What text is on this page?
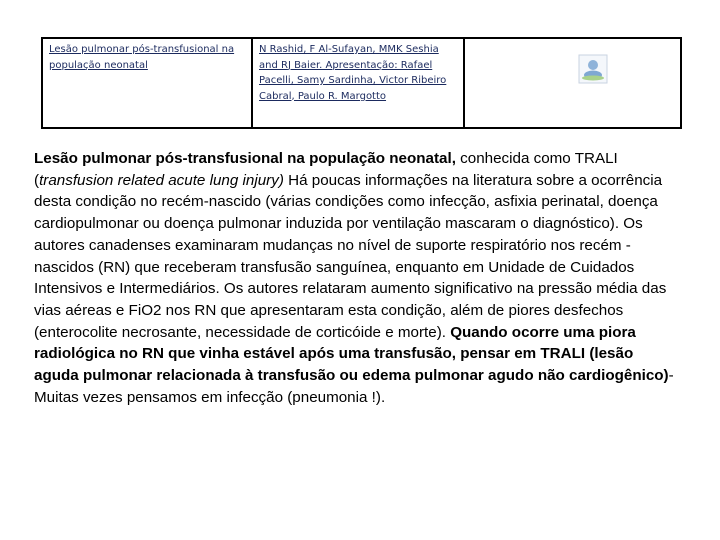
Lesão pulmonar pós-transfusional na população neonatal
N Rashid, F Al-Sufayan, MMK Seshia and RJ Baier. Apresentação: Rafael Pacelli, Samy Sardinha, Victor Ribeiro Cabral, Paulo R. Margotto

Lesão pulmonar pós-transfusional na população neonatal, conhecida como TRALI (transfusion related acute lung injury) Há poucas informações na literatura sobre a ocorrência desta condição no recém-nascido (várias condições como infecção, asfixia perinatal, doença cardiopulmonar ou doença pulmonar induzida por ventilação mascaram o diagnóstico). Os autores canadenses examinaram mudanças no nível de suporte respiratório nos recém -nascidos (RN) que receberam transfusão sanguínea, enquanto em Unidade de Cuidados Intensivos e Intermediários. Os autores relataram aumento significativo na pressão média das vias aéreas e FiO2 nos RN que apresentaram esta condição, além de piores desfechos (enterocolite necrosante, necessidade de corticóide e morte). Quando ocorre uma piora radiológica no RN que vinha estável após uma transfusão, pensar em TRALI (lesão aguda pulmonar relacionada à transfusão ou edema pulmonar agudo não cardiogênico)-Muitas vezes pensamos em infecção (pneumonia !).
